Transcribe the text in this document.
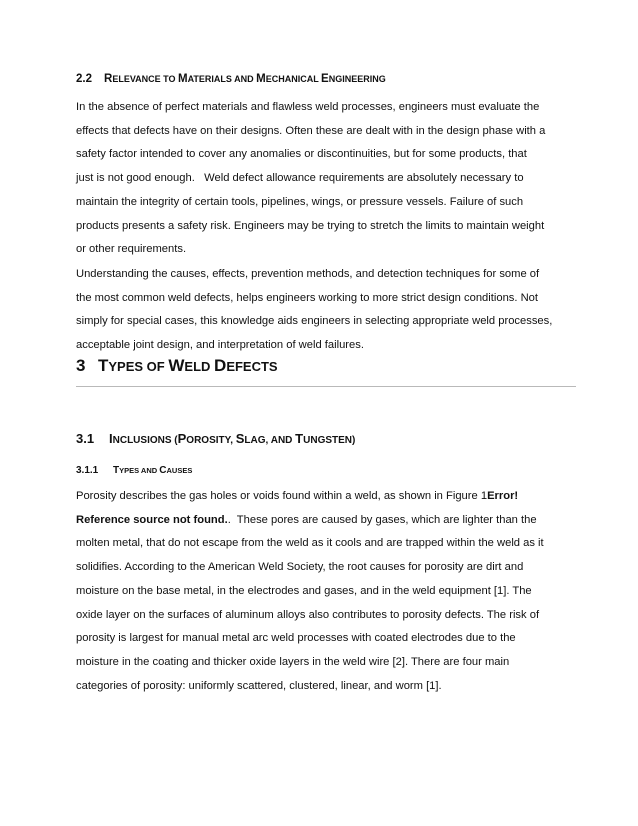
2.2 RELEVANCE TO MATERIALS AND MECHANICAL ENGINEERING
In the absence of perfect materials and flawless weld processes, engineers must evaluate the
effects that defects have on their designs. Often these are dealt with in the design phase with a
safety factor intended to cover any anomalies or discontinuities, but for some products, that
just is not good enough.   Weld defect allowance requirements are absolutely necessary to
maintain the integrity of certain tools, pipelines, wings, or pressure vessels. Failure of such
products presents a safety risk. Engineers may be trying to stretch the limits to maintain weight
or other requirements.
Understanding the causes, effects, prevention methods, and detection techniques for some of
the most common weld defects, helps engineers working to more strict design conditions. Not
simply for special cases, this knowledge aids engineers in selecting appropriate weld processes,
acceptable joint design, and interpretation of weld failures.
3 TYPES OF WELD DEFECTS
3.1 INCLUSIONS (POROSITY, SLAG, AND TUNGSTEN)
3.1.1 TYPES AND CAUSES
Porosity describes the gas holes or voids found within a weld, as shown in Figure 1Error!
Reference source not found..  These pores are caused by gases, which are lighter than the
molten metal, that do not escape from the weld as it cools and are trapped within the weld as it
solidifies. According to the American Weld Society, the root causes for porosity are dirt and
moisture on the base metal, in the electrodes and gases, and in the weld equipment [1]. The
oxide layer on the surfaces of aluminum alloys also contributes to porosity defects. The risk of
porosity is largest for manual metal arc weld processes with coated electrodes due to the
moisture in the coating and thicker oxide layers in the weld wire [2]. There are four main
categories of porosity: uniformly scattered, clustered, linear, and worm [1].
